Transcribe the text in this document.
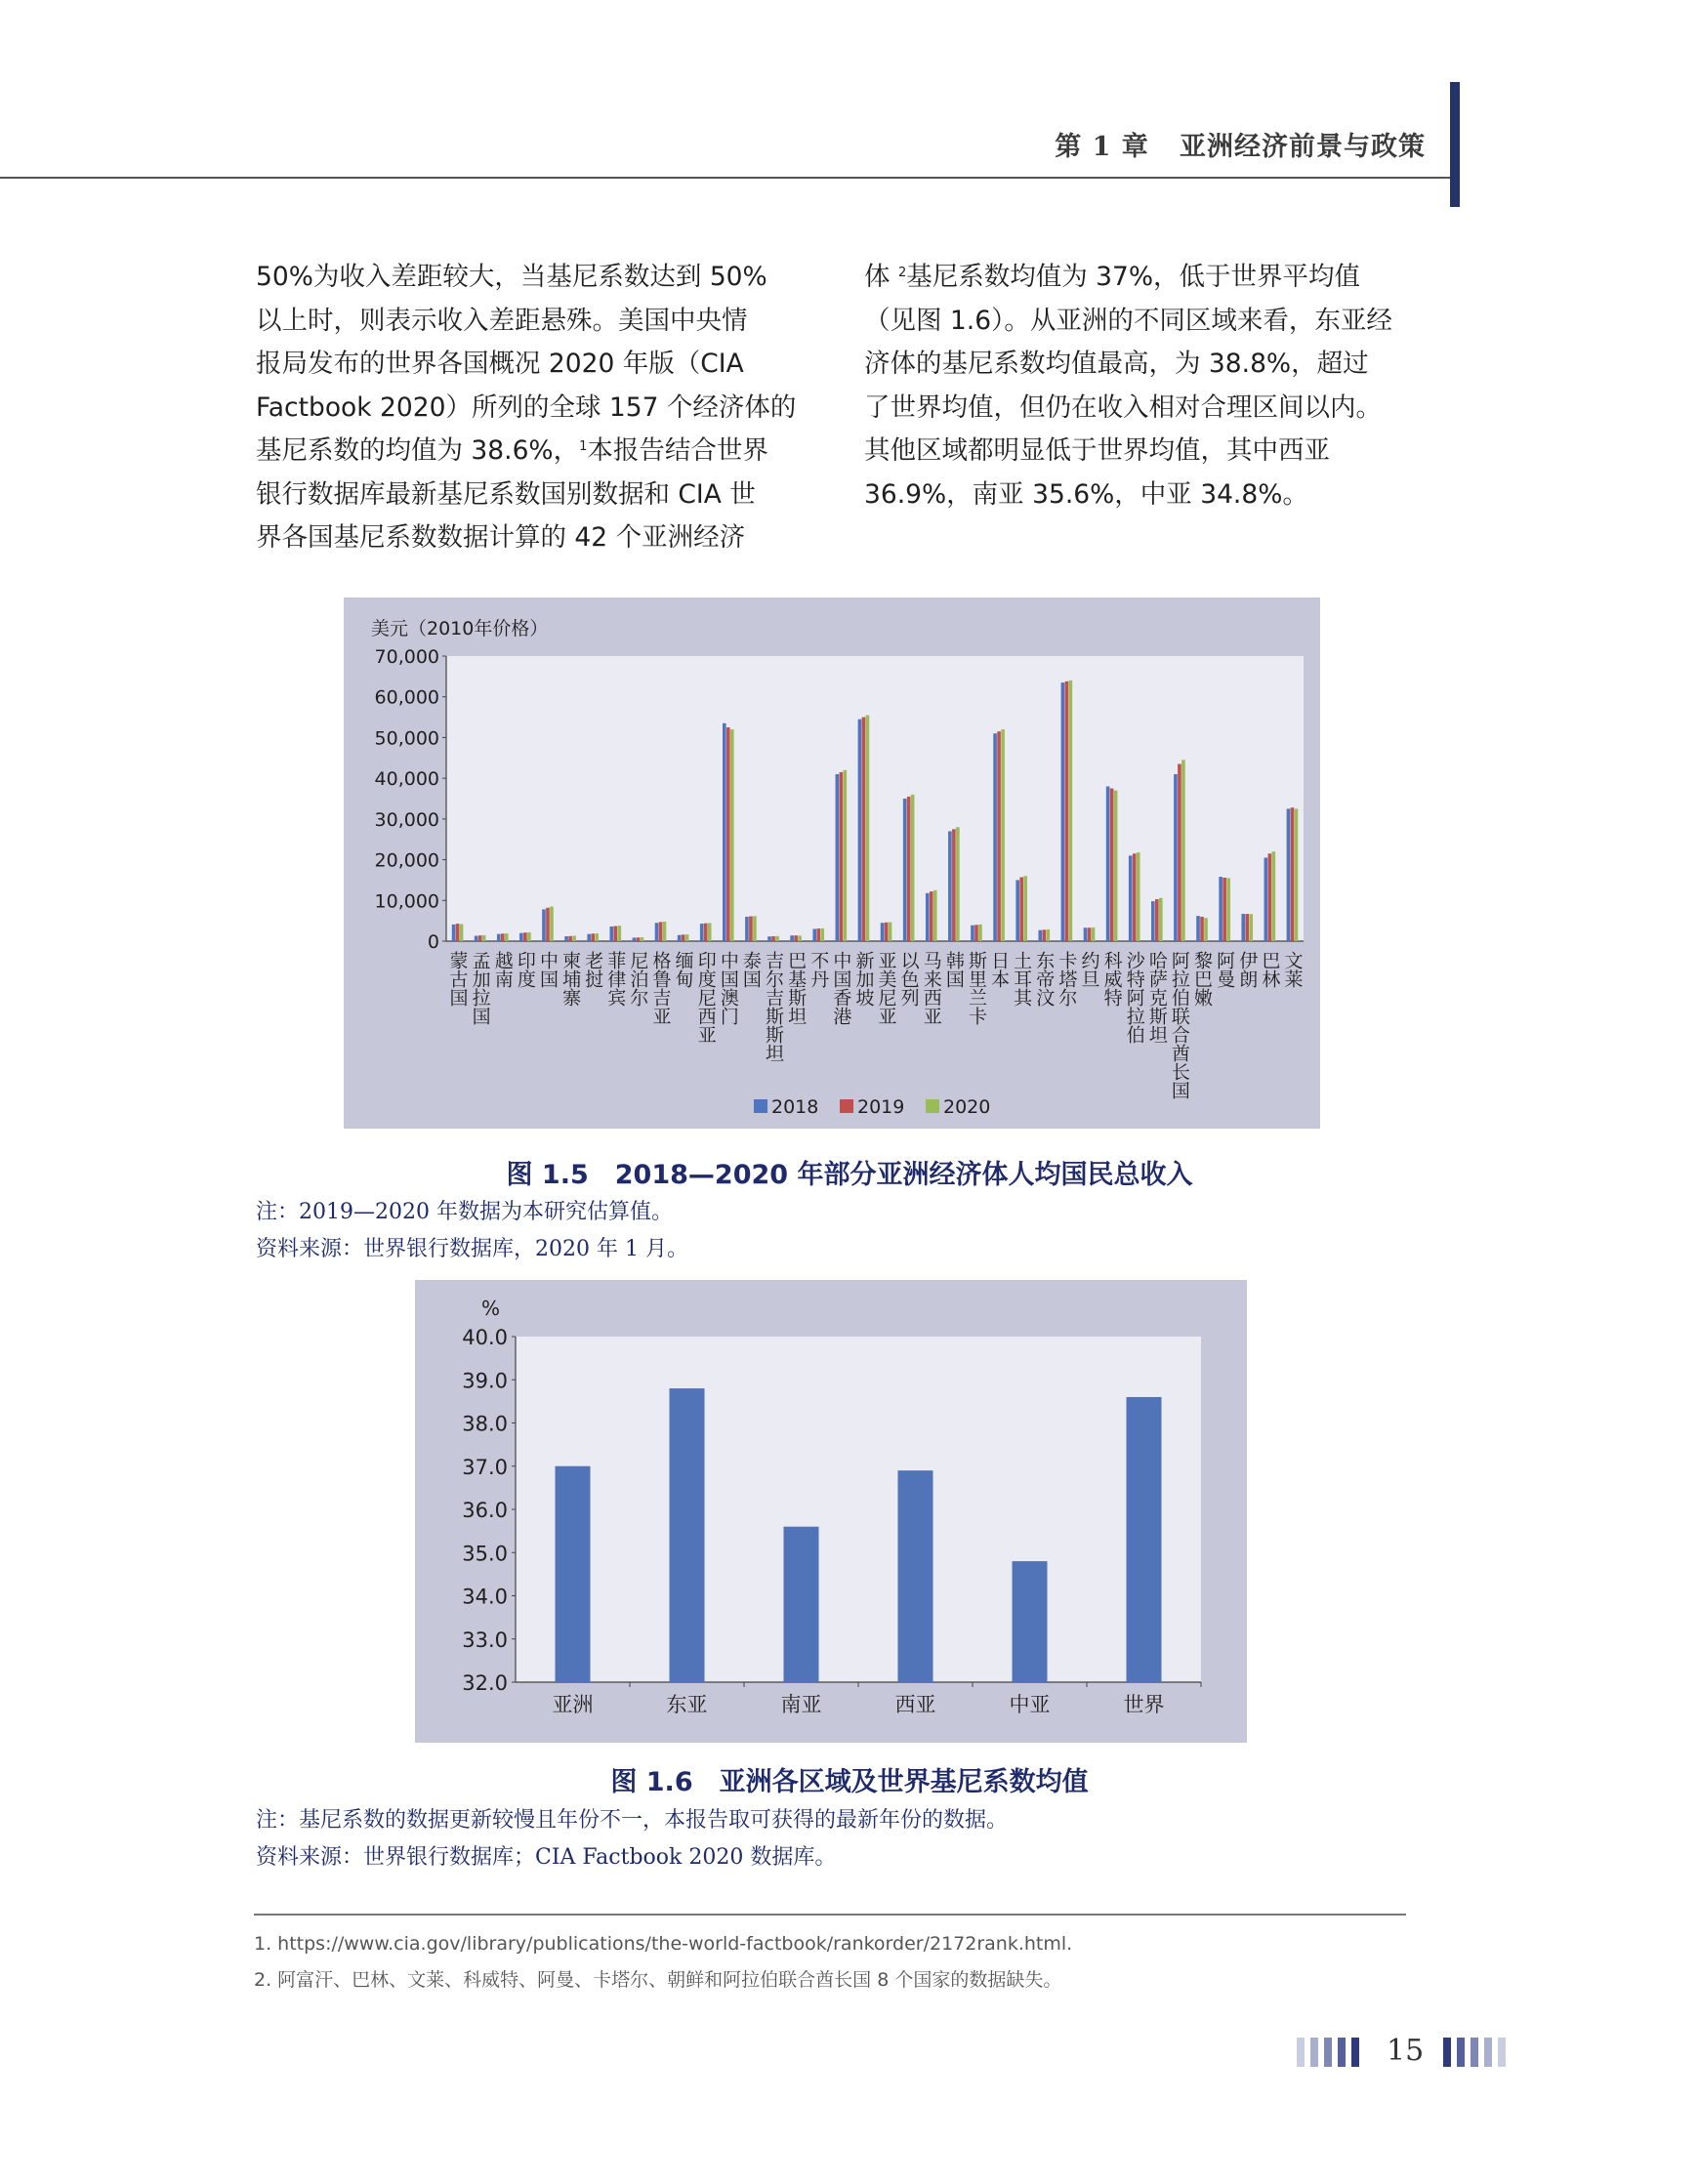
第 1 章 亚洲经济前景与政策

50%为收入差距较大，当基尼系数达到 50%

以上时，则表示收入差距悬殊。美国中央情

报局发布的世界各国概况 2020 年版（CIA

Factbook 2020）所列的全球 157 个经济体的

基尼系数的均值为 38.6%，$^1$本报告结合世界

银行数据库最新基尼系数国别数据和 CIA 世

界各国基尼系数数据计算的 42 个亚洲经济

体 $^2$基尼系数均值为 37%，低于世界平均值

（见图 1.6）。从亚洲的不同区域来看，东亚经

济体的基尼系数均值最高，为 38.8%，超过

了世界均值，但仍在收入相对合理区间以内。

其他区域都明显低于世界均值，其中西亚

36.9%，南亚 35.6%，中亚 34.8%。

美元（2010年价格）
0
10,000
20,000
30,000
40,000
50,000
60,000
70,000
蒙古国 孟加拉国 越南 印度 中国 柬埔寨 老挝 菲律宾 尼泊尔 格鲁吉亚 缅甸 印度尼西亚 中国澳门 泰国 吉尔吉斯斯坦 巴基斯坦 不丹 中国香港 新加坡 亚美尼亚 以色列 马来西亚 韩国 斯里兰卡 日本 土耳其 东帝汶 卡塔尔 约旦 科威特 沙特阿拉伯 哈萨克斯坦 阿拉伯联合酋长国 黎巴嫩 阿曼 伊朗 巴林 文莱
2018 2019 2020
图 1.5　2018—2020 年部分亚洲经济体人均国民总收入
注：2019—2020 年数据为本研究估算值。
资料来源：世界银行数据库，2020 年 1 月。
%
32.0
33.0
34.0
35.0
36.0
37.0
38.0
39.0
40.0
亚洲	东亚	南亚	西亚	中亚	世界
图 1.6　亚洲各区域及世界基尼系数均值
注：基尼系数的数据更新较慢且年份不一，本报告取可获得的最新年份的数据。
资料来源：世界银行数据库；CIA Factbook 2020 数据库。
1. https://www.cia.gov/library/publications/the-world-factbook/rankorder/2172rank.html.
2. 阿富汗、巴林、文莱、科威特、阿曼、卡塔尔、朝鲜和阿拉伯联合酋长国 8 个国家的数据缺失。
15
